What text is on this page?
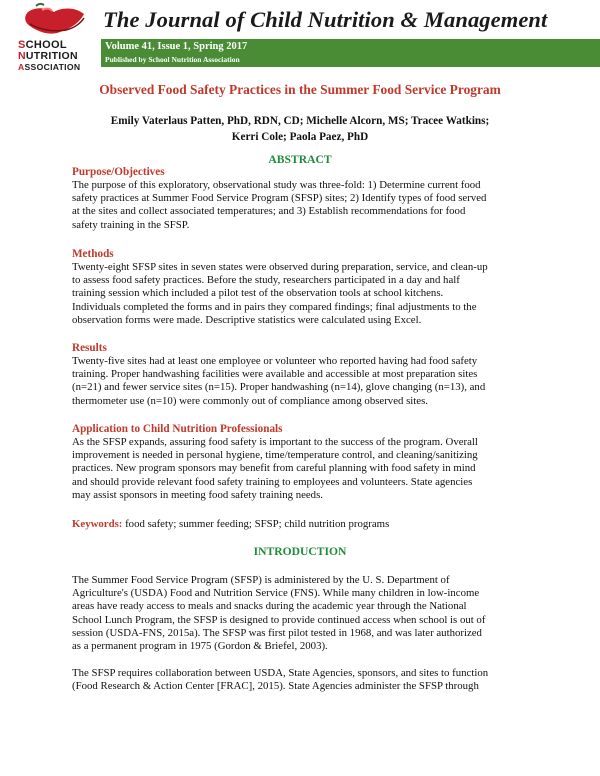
SCHOOL
NUTRITION
ASSOCIATION
The Journal of Child Nutrition & Management
Volume 41, Issue 1, Spring 2017
Published by School Nutrition Association
Observed Food Safety Practices in the Summer Food Service Program
Emily Vaterlaus Patten, PhD, RDN, CD; Michelle Alcorn, MS; Tracee Watkins;
Kerri Cole; Paola Paez, PhD
ABSTRACT
Purpose/Objectives

The purpose of this exploratory, observational study was three-fold: 1) Determine current food
safety practices at Summer Food Service Program (SFSP) sites; 2) Identify types of food served
at the sites and collect associated temperatures; and 3) Establish recommendations for food
safety training in the SFSP.

Methods

Twenty-eight SFSP sites in seven states were observed during preparation, service, and clean-up
to assess food safety practices. Before the study, researchers participated in a day and half
training session which included a pilot test of the observation tools at school kitchens.
Individuals completed the forms and in pairs they compared findings; final adjustments to the
observation forms were made. Descriptive statistics were calculated using Excel.

Results

Twenty-five sites had at least one employee or volunteer who reported having had food safety
training. Proper handwashing facilities were available and accessible at most preparation sites
(n=21) and fewer service sites (n=15). Proper handwashing (n=14), glove changing (n=13), and
thermometer use (n=10) were commonly out of compliance among observed sites.

Application to Child Nutrition Professionals

As the SFSP expands, assuring food safety is important to the success of the program. Overall
improvement is needed in personal hygiene, time/temperature control, and cleaning/sanitizing
practices. New program sponsors may benefit from careful planning with food safety in mind
and should provide relevant food safety training to employees and volunteers. State agencies
may assist sponsors in meeting food safety training needs.

Keywords: food safety; summer feeding; SFSP; child nutrition programs
INTRODUCTION

The Summer Food Service Program (SFSP) is administered by the U. S. Department of
Agriculture's (USDA) Food and Nutrition Service (FNS). While many children in low-income
areas have ready access to meals and snacks during the academic year through the National
School Lunch Program, the SFSP is designed to provide continued access when school is out of
session (USDA-FNS, 2015a). The SFSP was first pilot tested in 1968, and was later authorized
as a permanent program in 1975 (Gordon & Briefel, 2003).

The SFSP requires collaboration between USDA, State Agencies, sponsors, and sites to function
(Food Research & Action Center [FRAC], 2015). State Agencies administer the SFSP through
